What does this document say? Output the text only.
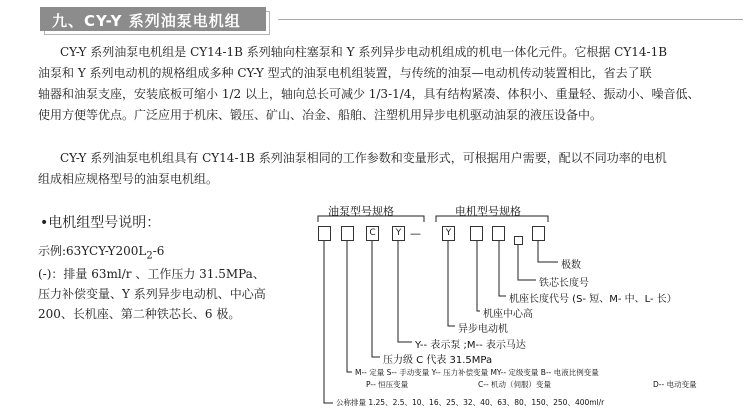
九、CY-Y 系列油泵电机组
CY-Y 系列油泵电机组是 CY14-1B 系列轴向柱塞泵和 Y 系列异步电动机组成的机电一体化元件。它根据 CY14-1B
油泵和 Y 系列电动机的规格组成多种 CY-Y 型式的油泵电机组装置，与传统的油泵—电动机传动装置相比，省去了联
轴器和油泵支座，安装底板可缩小 1/2 以上，轴向总长可减少 1/3-1/4，具有结构紧凑、体积小、重量轻、振动小、噪音低、
使用方便等优点。广泛应用于机床、锻压、矿山、冶金、船舶、注塑机用异步电机驱动油泵的液压设备中。
CY-Y 系列油泵电机组具有 CY14-1B 系列油泵相同的工作参数和变量形式，可根据用户需要，配以不同功率的电机
组成相应规格型号的油泵电机组。
•电机组型号说明：
示例$:63YCY-Y200L_2-6$
(-)：排量 63ml/r 、工作压力 31.5MPa、
压力补偿变量、Y 系列异步电动机、中心高
200、长机座、第二种铁芯长、6 极。
油泵型号规格	电机型号规格
C	Y —	Y
极数
铁芯长度号
机座长度代号 (S- 短、M- 中、L- 长）
机座中心高
异步电动机
Y-- 表示泵 ;M-- 表示马达
压力级 C 代表 31.5MPa
M-- 定量 S-- 手动变量 Y-- 压力补偿变量 MY-- 定级变量 B-- 电液比例变量
P-- 恒压变量	C-- 机动（伺服）变量	D-- 电动变量
公称排量 1.25、2.5、10、16、25、32、40、63、80、150、250、400ml/r
